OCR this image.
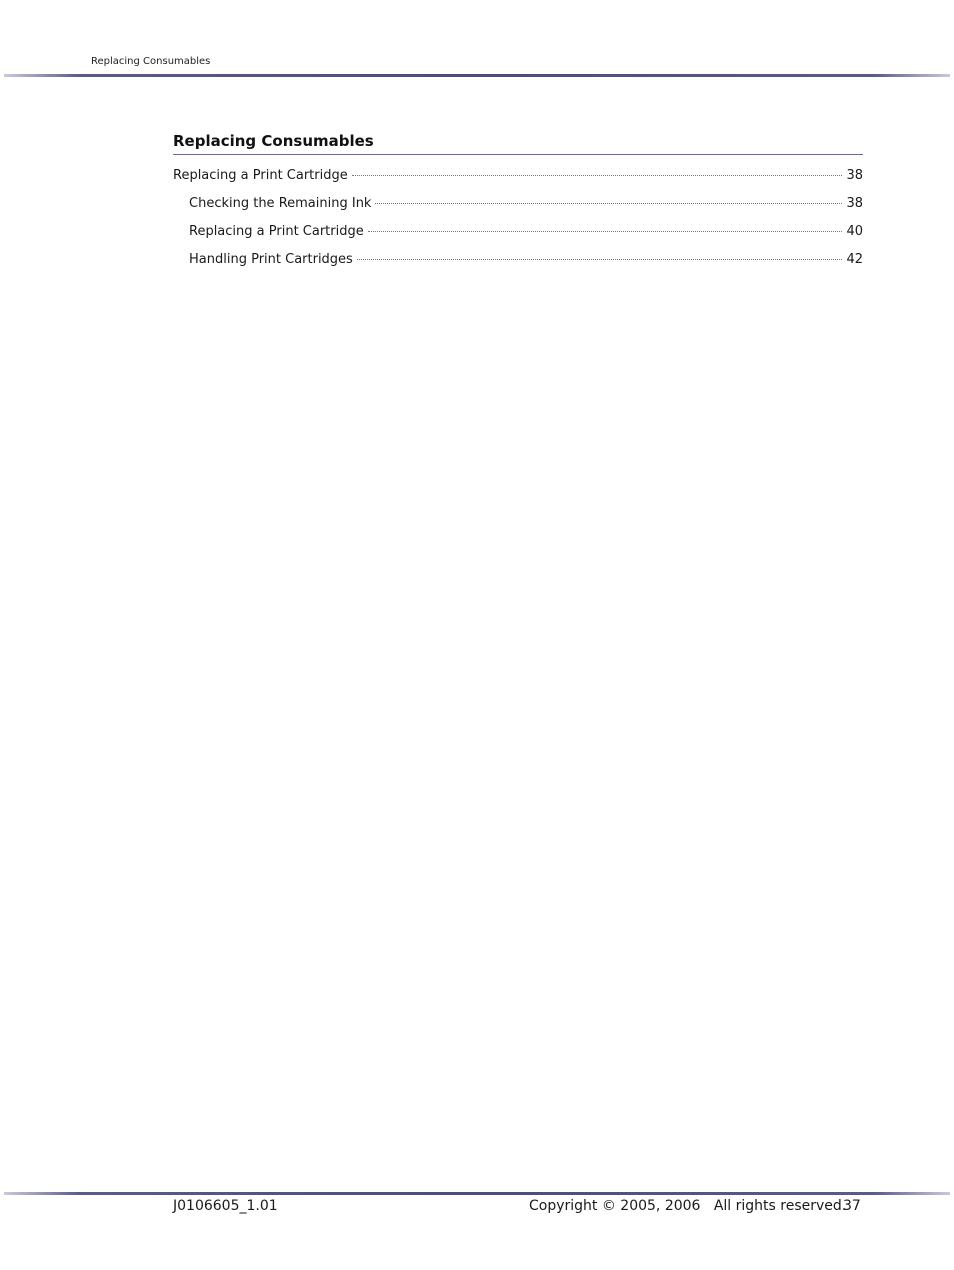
Replacing Consumables
Replacing Consumables
Replacing a Print Cartridge	38
Checking the Remaining Ink	38
Replacing a Print Cartridge	40
Handling Print Cartridges	42
J0106605_1.01	Copyright © 2005, 2006   All rights reserved.
37
